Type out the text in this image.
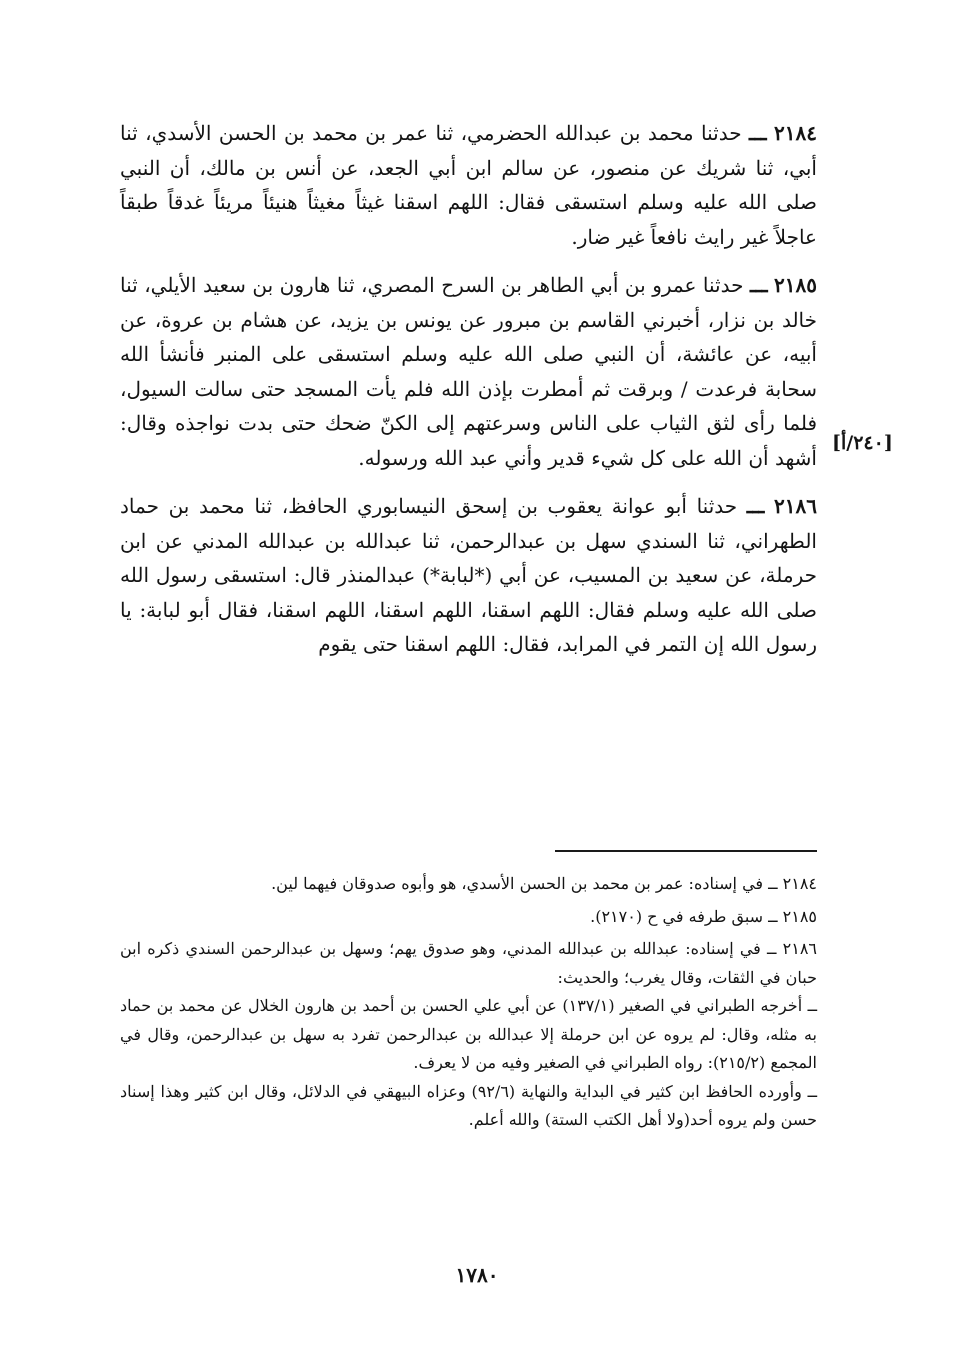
٢١٨٤ ـــ حدثنا محمد بن عبدالله الحضرمي، ثنا عمر بن محمد بن الحسن الأسدي، ثنا أبي، ثنا شريك عن منصور، عن سالم ابن أبي الجعد، عن أنس بن مالك، أن النبي صلى الله عليه وسلم استسقى فقال: اللهم اسقنا غيثاً مغيثاً هنيئاً مريئاً غدقاً طبقاً عاجلاً غير رايث نافعاً غير ضار.

٢١٨٥ ـــ حدثنا عمرو بن أبي الطاهر بن السرح المصري، ثنا هارون بن سعيد الأيلي، ثنا خالد بن نزار، أخبرني القاسم بن مبرور عن يونس بن يزيد، عن هشام بن عروة، عن أبيه، عن عائشة، أن النبي صلى الله عليه وسلم استسقى على المنبر فأنشأ الله سحابة فرعدت / وبرقت ثم أمطرت بإذن الله فلم يأت المسجد حتى سالت السيول، فلما رأى لثق الثياب على الناس وسرعتهم إلى الكنّ ضحك حتى بدت نواجذه وقال: أشهد أن الله على كل شيء قدير وأني عبد الله ورسوله.

٢١٨٦ ـــ حدثنا أبو عوانة يعقوب بن إسحق النيسابوري الحافظ، ثنا محمد بن حماد الطهراني، ثنا السندي سهل بن عبدالرحمن، ثنا عبدالله بن عبدالله المدني عن ابن حرملة، عن سعيد بن المسيب، عن أبي (*لبابة*) عبدالمنذر قال: استسقى رسول الله صلى الله عليه وسلم فقال: اللهم اسقنا، اللهم اسقنا، اللهم اسقنا، فقال أبو لبابة: يا رسول الله إن التمر في المرابد، فقال: اللهم اسقنا حتى يقوم

[٢٤٠/أ]

٢١٨٤ ــ في إسناده: عمر بن محمد بن الحسن الأسدي، هو وأبوه صدوقان فيهما لين.

٢١٨٥ ــ سبق طرفه في ح (٢١٧٠).

٢١٨٦ ــ في إسناده: عبدالله بن عبدالله المدني، وهو صدوق يهم؛ وسهل بن عبدالرحمن السندي ذكره ابن حبان في الثقات، وقال يغرب؛ والحديث:
ــ أخرجه الطبراني في الصغير (١٣٧/١) عن أبي علي الحسن بن أحمد بن هارون الخلال عن محمد بن حماد به مثله، وقال: لم يروه عن ابن حرملة إلا عبدالله بن عبدالرحمن تفرد به سهل بن عبدالرحمن، وقال في المجمع (٢١٥/٢): رواه الطبراني في الصغير وفيه من لا يعرف.
ــ وأورده الحافظ ابن كثير في البداية والنهاية (٩٢/٦) وعزاه البيهقي في الدلائل، وقال ابن كثير وهذا إسناد حسن ولم يروه أحد(ولا أهل الكتب الستة) والله أعلم.

١٧٨٠
